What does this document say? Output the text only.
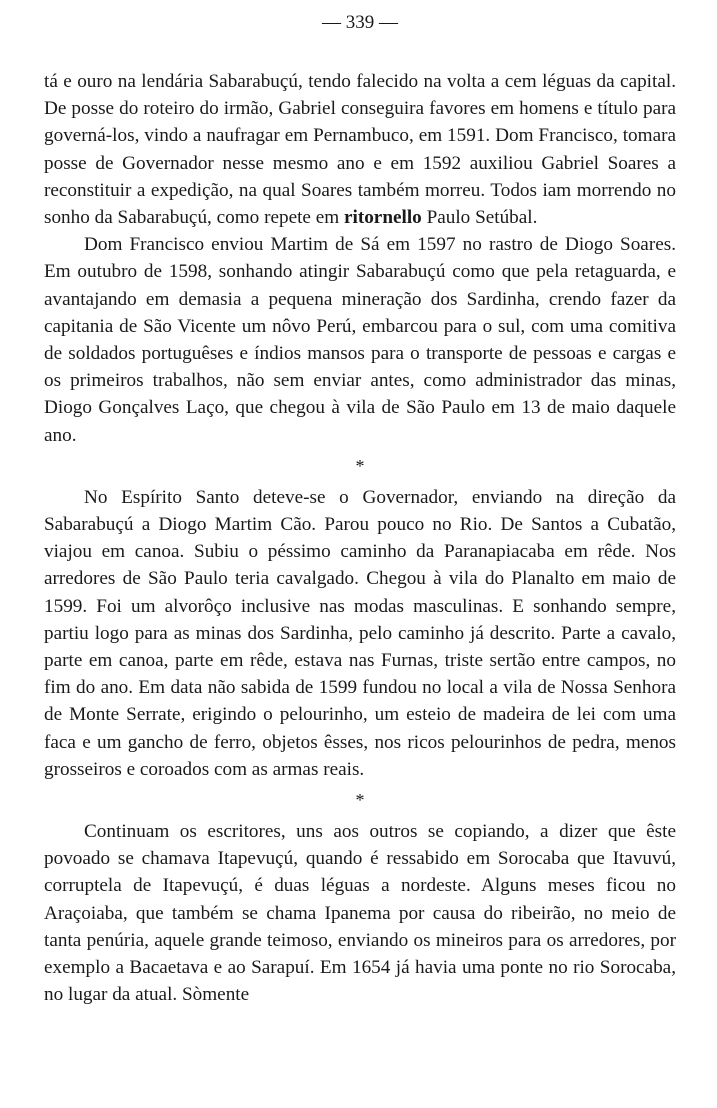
— 339 —

tá e ouro na lendária Sabarabuçú, tendo falecido na volta a cem léguas da capital. De posse do roteiro do irmão, Gabriel conseguira favores em homens e título para governá-los, vindo a naufragar em Pernambuco, em 1591. Dom Francisco, tomara posse de Governador nesse mesmo ano e em 1592 auxiliou Gabriel Soares a reconstituir a expedição, na qual Soares também morreu. Todos iam morrendo no sonho da Sabarabuçú, como repete em ritornello Paulo Setúbal.

Dom Francisco enviou Martim de Sá em 1597 no rastro de Diogo Soares. Em outubro de 1598, sonhando atingir Sabarabuçú como que pela retaguarda, e avantajando em demasia a pequena mineração dos Sardinha, crendo fazer da capitania de São Vicente um nôvo Perú, embarcou para o sul, com uma comitiva de soldados portuguêses e índios mansos para o transporte de pessoas e cargas e os primeiros trabalhos, não sem enviar antes, como administrador das minas, Diogo Gonçalves Laço, que chegou à vila de São Paulo em 13 de maio daquele ano.

*

No Espírito Santo deteve-se o Governador, enviando na direção da Sabarabuçú a Diogo Martim Cão. Parou pouco no Rio. De Santos a Cubatão, viajou em canoa. Subiu o péssimo caminho da Paranapiacaba em rêde. Nos arredores de São Paulo teria cavalgado. Chegou à vila do Planalto em maio de 1599. Foi um alvorôço inclusive nas modas masculinas. E sonhando sempre, partiu logo para as minas dos Sardinha, pelo caminho já descrito. Parte a cavalo, parte em canoa, parte em rêde, estava nas Furnas, triste sertão entre campos, no fim do ano. Em data não sabida de 1599 fundou no local a vila de Nossa Senhora de Monte Serrate, erigindo o pelourinho, um esteio de madeira de lei com uma faca e um gancho de ferro, objetos êsses, nos ricos pelourinhos de pedra, menos grosseiros e coroados com as armas reais.

*

Continuam os escritores, uns aos outros se copiando, a dizer que êste povoado se chamava Itapevuçú, quando é ressabido em Sorocaba que Itavuvú, corruptela de Itapevuçú, é duas léguas a nordeste. Alguns meses ficou no Araçoiaba, que também se chama Ipanema por causa do ribeirão, no meio de tanta penúria, aquele grande teimoso, enviando os mineiros para os arredores, por exemplo a Bacaetava e ao Sarapuí. Em 1654 já havia uma ponte no rio Sorocaba, no lugar da atual. Sòmente
